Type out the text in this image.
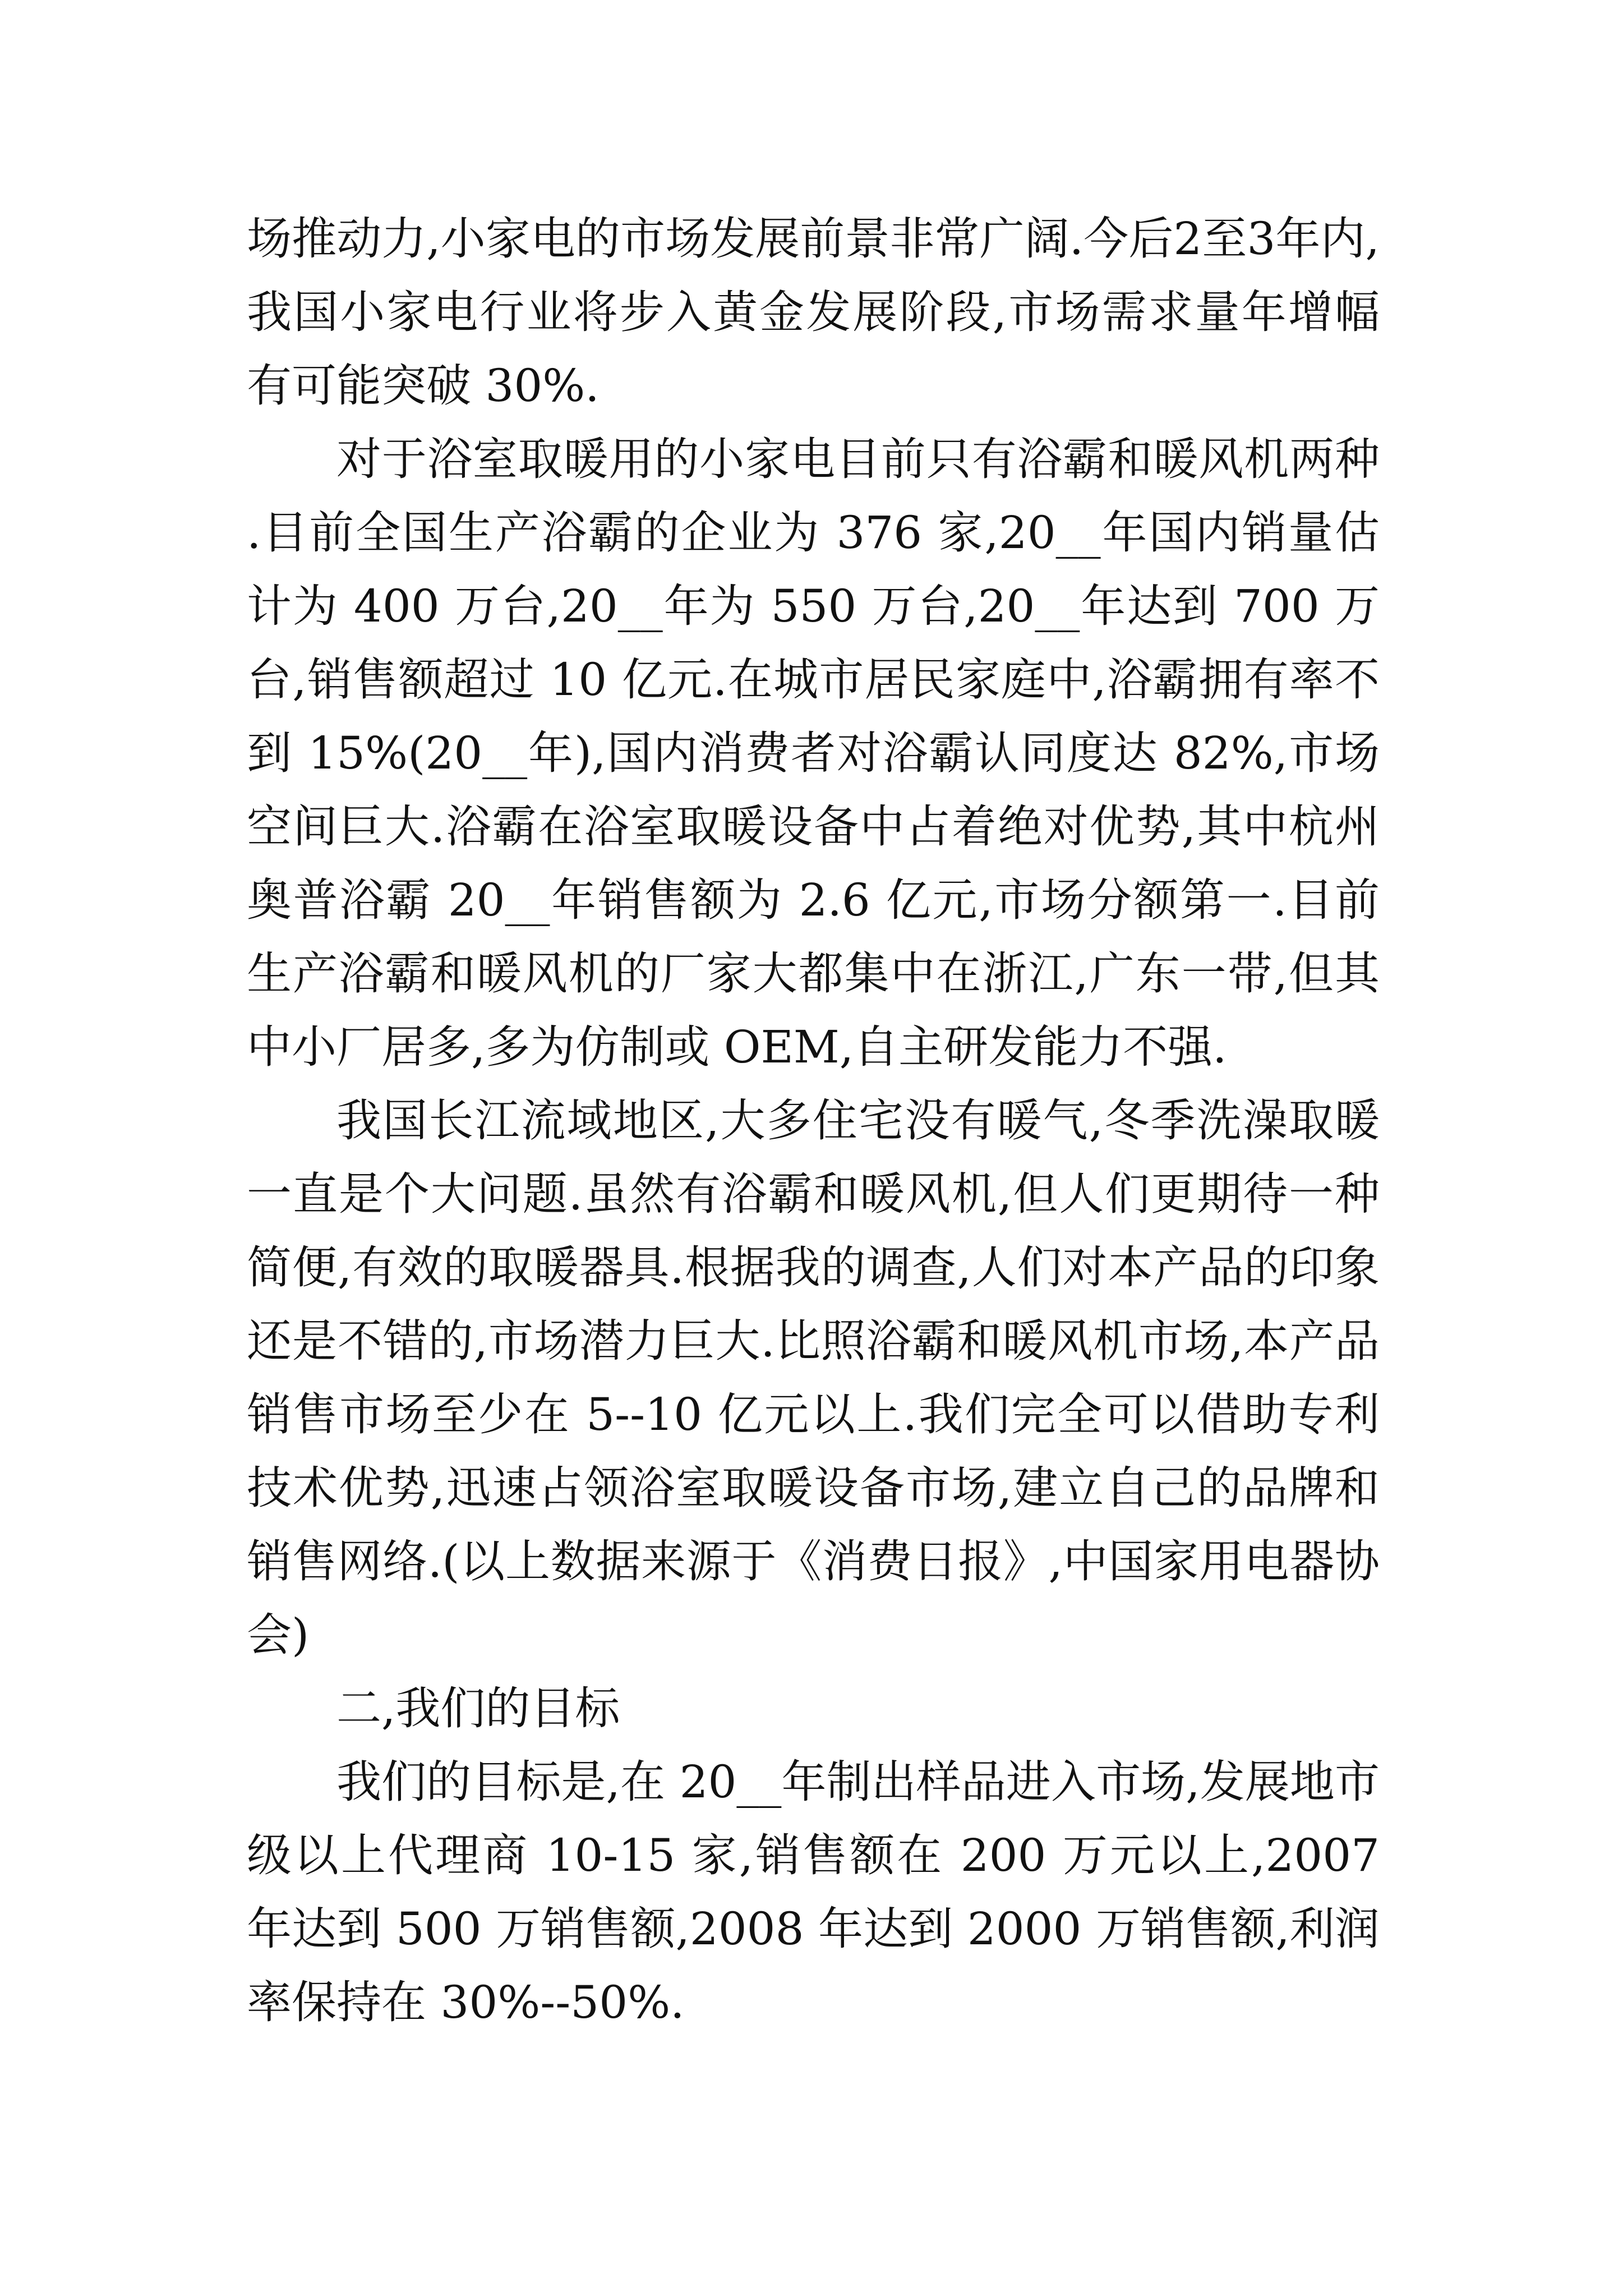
场推动力,小家电的市场发展前景非常广阔.今后2至3年内,我国小家电行业将步入黄金发展阶段,市场需求量年增幅有可能突破 30%.

对于浴室取暖用的小家电目前只有浴霸和暖风机两种.目前全国生产浴霸的企业为 376 家,20__年国内销量估计为 400 万台,20__年为 550 万台,20__年达到 700 万台,销售额超过 10 亿元.在城市居民家庭中,浴霸拥有率不到 15%(20__年),国内消费者对浴霸认同度达 82%,市场空间巨大.浴霸在浴室取暖设备中占着绝对优势,其中杭州奥普浴霸 20__年销售额为 2.6 亿元,市场分额第一.目前生产浴霸和暖风机的厂家大都集中在浙江,广东一带,但其中小厂居多,多为仿制或 OEM,自主研发能力不强.

我国长江流域地区,大多住宅没有暖气,冬季洗澡取暖一直是个大问题.虽然有浴霸和暖风机,但人们更期待一种简便,有效的取暖器具.根据我的调查,人们对本产品的印象还是不错的,市场潜力巨大.比照浴霸和暖风机市场,本产品销售市场至少在 5--10 亿元以上.我们完全可以借助专利技术优势,迅速占领浴室取暖设备市场,建立自己的品牌和销售网络.(以上数据来源于《消费日报》,中国家用电器协会)

二,我们的目标

我们的目标是,在 20__年制出样品进入市场,发展地市级以上代理商 10-15 家,销售额在 200 万元以上,2007 年达到 500 万销售额,2008 年达到 2000 万销售额,利润率保持在 30%--50%.
